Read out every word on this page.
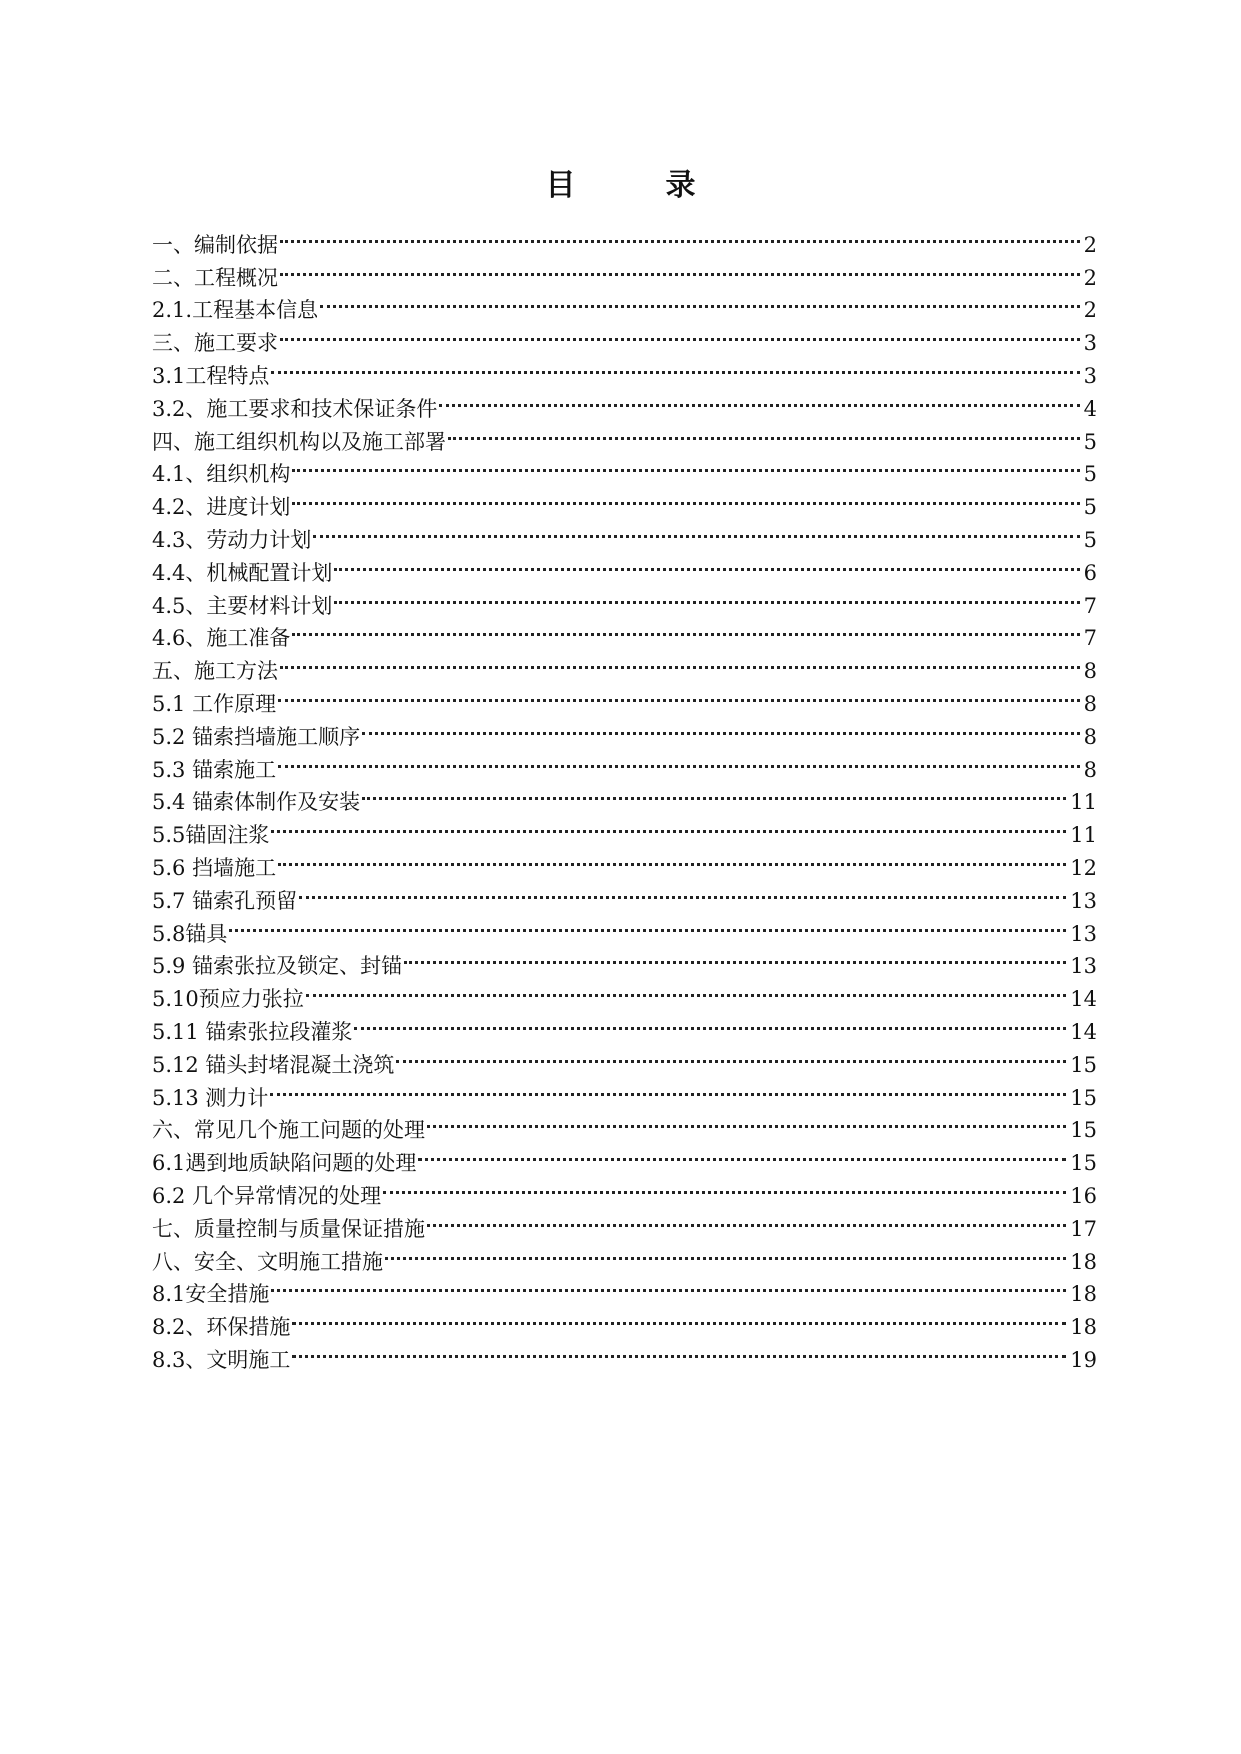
目　录
一、编制依据	2
二、工程概况	2
2.1.工程基本信息	2
三、施工要求	3
3.1工程特点	3
3.2、施工要求和技术保证条件	4
四、施工组织机构以及施工部署	5
4.1、组织机构	5
4.2、进度计划	5
4.3、劳动力计划	5
4.4、机械配置计划	6
4.5、主要材料计划	7
4.6、施工准备	7
五、施工方法	8
5.1 工作原理	8
5.2 锚索挡墙施工顺序	8
5.3 锚索施工	8
5.4 锚索体制作及安装	11
5.5锚固注浆	11
5.6 挡墙施工	12
5.7 锚索孔预留	13
5.8锚具	13
5.9 锚索张拉及锁定、封锚	13
5.10预应力张拉	14
5.11 锚索张拉段灌浆	14
5.12 锚头封堵混凝土浇筑	15
5.13 测力计	15
六、常见几个施工问题的处理	15
6.1遇到地质缺陷问题的处理	15
6.2 几个异常情况的处理	16
七、质量控制与质量保证措施	17
八、安全、文明施工措施	18
8.1安全措施	18
8.2、环保措施	18
8.3、文明施工	19
